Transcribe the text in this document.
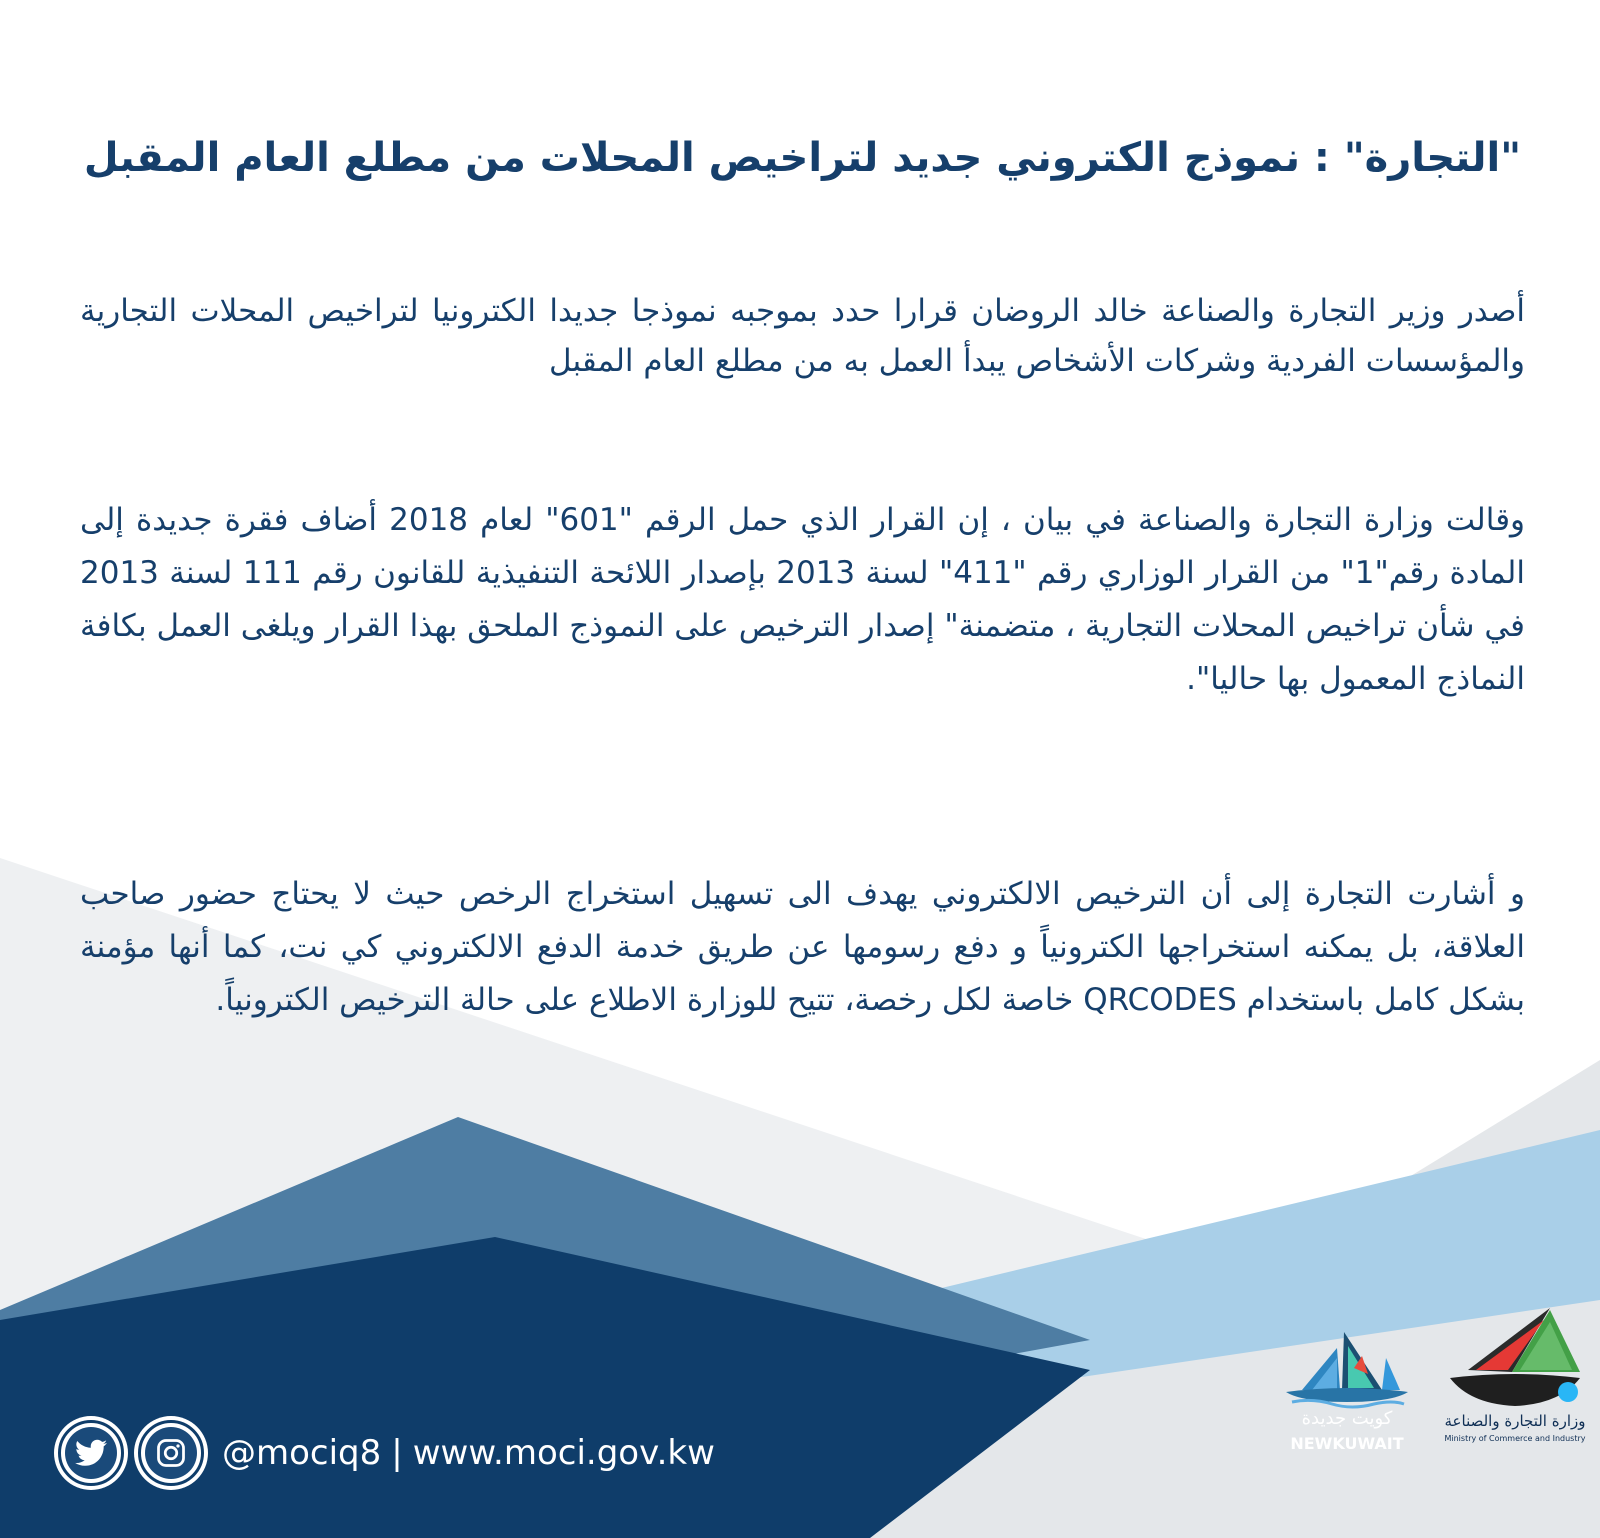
"التجارة" : نموذج الكتروني جديد لتراخيص المحلات من مطلع العام المقبل
أصدر وزير التجارة والصناعة خالد الروضان قرارا حدد بموجبه نموذجا جديدا الكترونيا لتراخيص المحلات التجارية والمؤسسات الفردية وشركات الأشخاص يبدأ العمل به من مطلع العام المقبل
وقالت وزارة التجارة والصناعة في بيان ، إن القرار الذي حمل الرقم "601" لعام 2018 أضاف فقرة جديدة إلى المادة رقم"1" من القرار الوزاري رقم "411" لسنة 2013 بإصدار اللائحة التنفيذية للقانون رقم 111 لسنة 2013 في شأن تراخيص المحلات التجارية ، متضمنة" إصدار الترخيص على النموذج الملحق بهذا القرار ويلغى العمل بكافة النماذج المعمول بها حاليا".
و أشارت التجارة إلى أن الترخيص الالكتروني يهدف الى تسهيل استخراج الرخص حيث لا يحتاج حضور صاحب العلاقة، بل يمكنه استخراجها الكترونياً و دفع رسومها عن طريق خدمة الدفع الالكتروني كي نت، كما أنها مؤمنة بشكل كامل باستخدام QRCODES خاصة لكل رخصة، تتيح للوزارة الاطلاع على حالة الترخيص الكترونياً.
@mociq8 | www.moci.gov.kw
كويت جديدة
NEWKUWAIT
وزارة التجارة والصناعة
Ministry of Commerce and Industry
